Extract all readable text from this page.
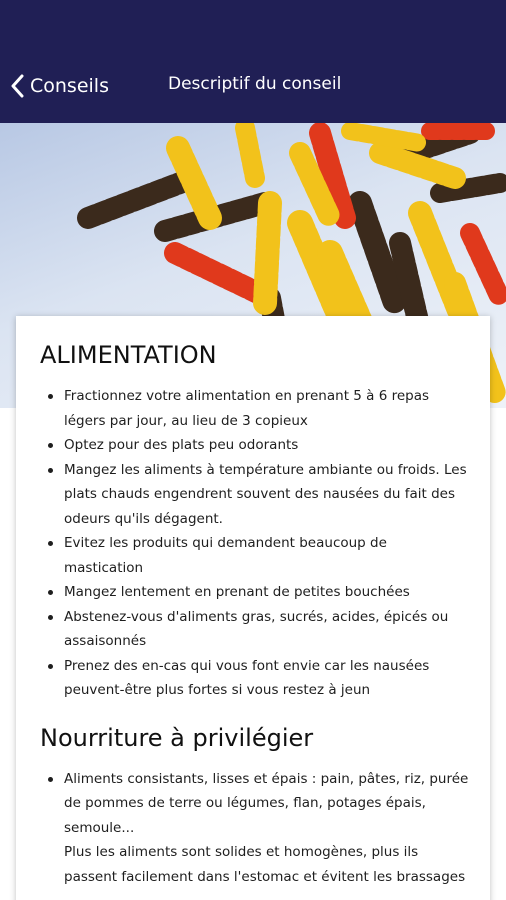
Conseils	Descriptif du conseil
ALIMENTATION
Fractionnez votre alimentation en prenant 5 à 6 repas légers par jour, au lieu de 3 copieux
Optez pour des plats peu odorants
Mangez les aliments à température ambiante ou froids. Les plats chauds engendrent souvent des nausées du fait des odeurs qu'ils dégagent.
Evitez les produits qui demandent beaucoup de mastication
Mangez lentement en prenant de petites bouchées
Abstenez-vous d'aliments gras, sucrés, acides, épicés ou assaisonnés
Prenez des en-cas qui vous font envie car les nausées peuvent-être plus fortes si vous restez à jeun
Nourriture à privilégier
Aliments consistants, lisses et épais : pain, pâtes, riz, purée de pommes de terre ou légumes, flan, potages épais, semoule...
Plus les aliments sont solides et homogènes, plus ils passent facilement dans l'estomac et évitent les brassages
